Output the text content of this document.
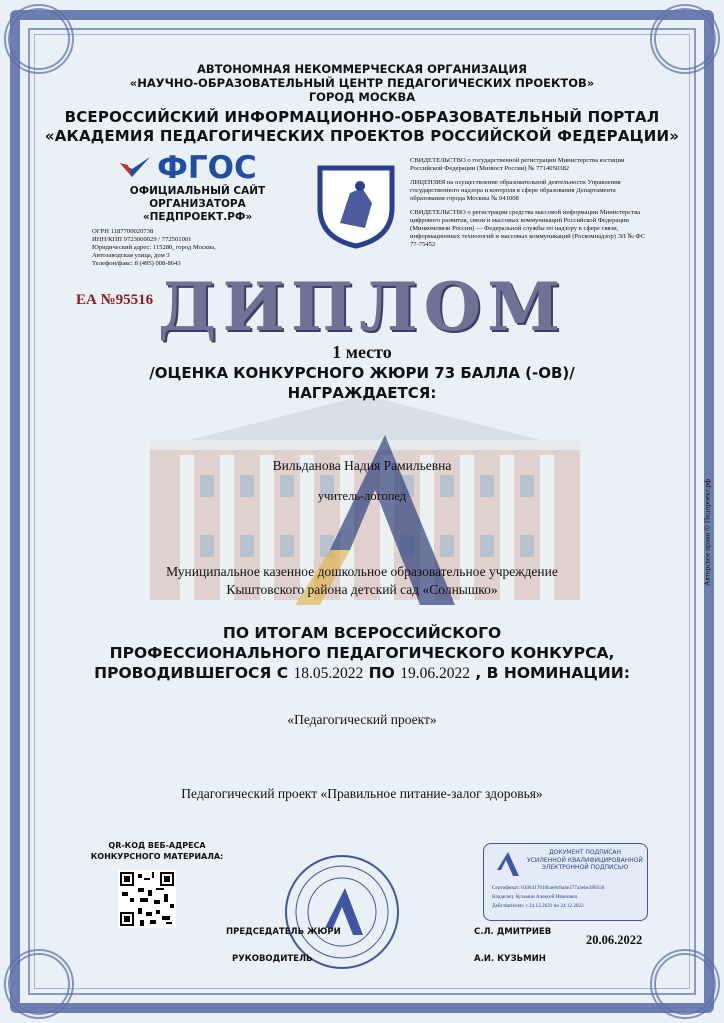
АВТОНОМНАЯ НЕКОММЕРЧЕСКАЯ ОРГАНИЗАЦИЯ
«НАУЧНО-ОБРАЗОВАТЕЛЬНЫЙ ЦЕНТР ПЕДАГОГИЧЕСКИХ ПРОЕКТОВ»
ГОРОД МОСКВА
ВСЕРОССИЙСКИЙ ИНФОРМАЦИОННО-ОБРАЗОВАТЕЛЬНЫЙ ПОРТАЛ
«АКАДЕМИЯ ПЕДАГОГИЧЕСКИХ ПРОЕКТОВ РОССИЙСКОЙ ФЕДЕРАЦИИ»
ФГОС
ОФИЦИАЛЬНЫЙ САЙТ
ОРГАНИЗАТОРА
«ПЕДПРОЕКТ.РФ»
ОГРН 1187700020738
ИНН/КПП 9723000029 / 772501001
Юридический адрес: 115280, город Москва,
Автозаводская улица, дом 3
Телефон/факс: 8 (495) 008-8643
СВИДЕТЕЛЬСТВО о государственной регистрации Министерства юстиции Российской Федерации (Минюст России) № 7714050382
ЛИЦЕНЗИЯ на осуществление образовательной деятельности Управления государственного надзора и контроля в сфере образования Департамента образования города Москвы № 041008
СВИДЕТЕЛЬСТВО о регистрации средства массовой информации Министерства цифрового развития, связи и массовых коммуникаций Российской Федерации (Минкомсвязи России) — Федеральной службы по надзору в сфере связи, информационных технологий и массовых коммуникаций (Роскомнадзор) ЭЛ № ФС 77-75452
ЕА №95516 ДИПЛОМ
1 место
/ОЦЕНКА КОНКУРСНОГО ЖЮРИ 73 БАЛЛА (-ОВ)/
НАГРАЖДАЕТСЯ:
Вильданова Надия Рамильевна
учитель-логопед
Муниципальное казенное дошкольное образовательное учреждение
Кыштовского района детский сад «Солнышко»
ПО ИТОГАМ ВСЕРОССИЙСКОГО
ПРОФЕССИОНАЛЬНОГО ПЕДАГОГИЧЕСКОГО КОНКУРСА,
ПРОВОДИВШЕГОСЯ С 18.05.2022 ПО 19.06.2022 , В НОМИНАЦИИ:
«Педагогический проект»
Педагогический проект «Правильное питание-залог здоровья»
QR-КОД ВЕБ-АДРЕСА
КОНКУРСНОГО МАТЕРИАЛА:
ПРЕДСЕДАТЕЛЬ ЖЮРИ	С.Л. ДМИТРИЕВ
РУКОВОДИТЕЛЬ	А.И. КУЗЬМИН
20.06.2022
ДОКУМЕНТ ПОДПИСАН
УСИЛЕННОЙ КВАЛИФИЦИРОВАННОЙ
ЭЛЕКТРОННОЙ ПОДПИСЬЮ
Сертификат: 0306417810bae8c8a4e377a3ebe390558
Владелец: Кузьмин Алексей Иванович
Действителен: с 24.12.2021 по 24.12.2022
Авторское право © Педпроект.рф
